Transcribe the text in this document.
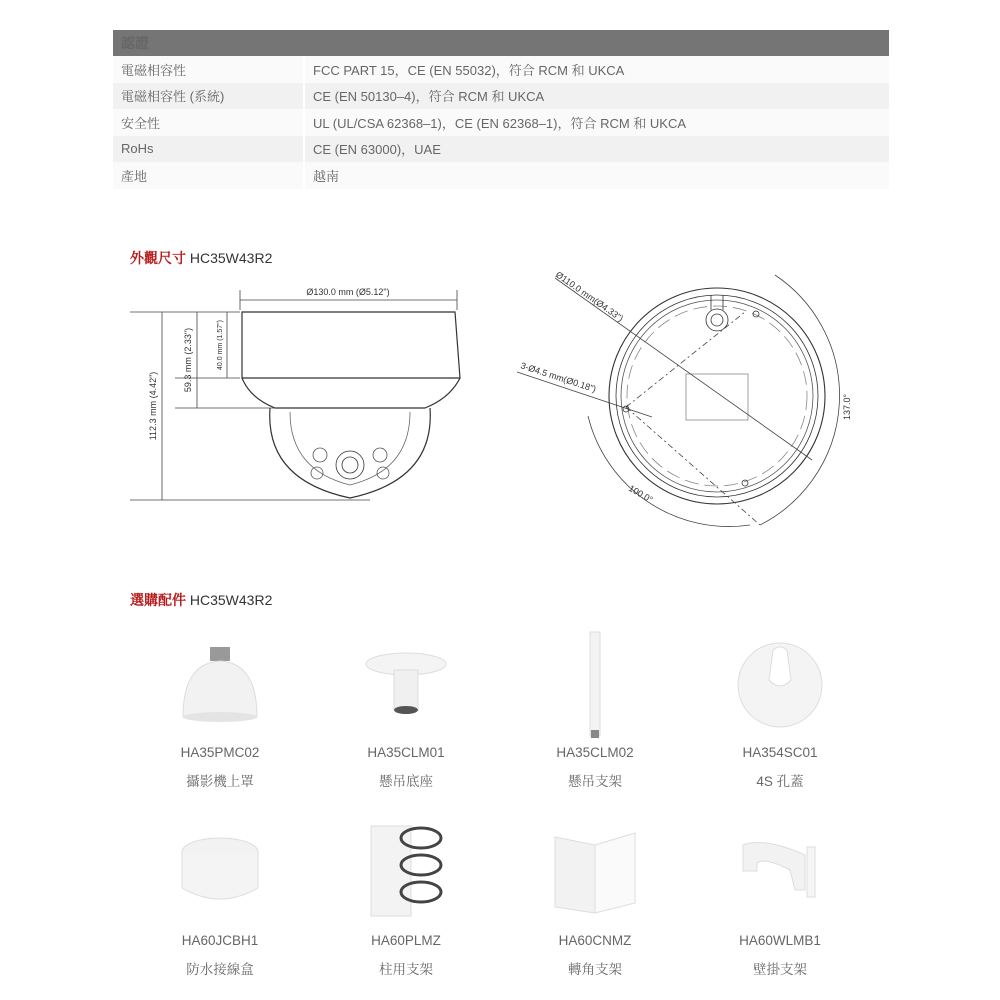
認證	
電磁相容性	FCC PART 15，CE (EN 55032)，符合 RCM 和 UKCA
電磁相容性 (系統)	CE (EN 50130–4)，符合 RCM 和 UKCA
安全性	UL (UL/CSA 62368–1)，CE (EN 62368–1)，符合 RCM 和 UKCA
RoHs	CE (EN 63000)，UAE
產地	越南
外觀尺寸 HC35W43R2
Ø130.0 mm (Ø5.12")
112.3 mm (4.42")
59.3 mm (2.33")	40.0 mm (1.57")
Ø110.0 mm(Ø4.33")
3-Ø4.5 mm(Ø0.18")
137.0°
100.0°
選購配件 HC35W43R2
HA35PMC02
攝影機上罩
HA35CLM01
懸吊底座
HA35CLM02
懸吊支架
HA354SC01
4S 孔蓋
HA60JCBH1
防水接線盒
HA60PLMZ
柱用支架
HA60CNMZ
轉角支架
HA60WLMB1
壁掛支架
